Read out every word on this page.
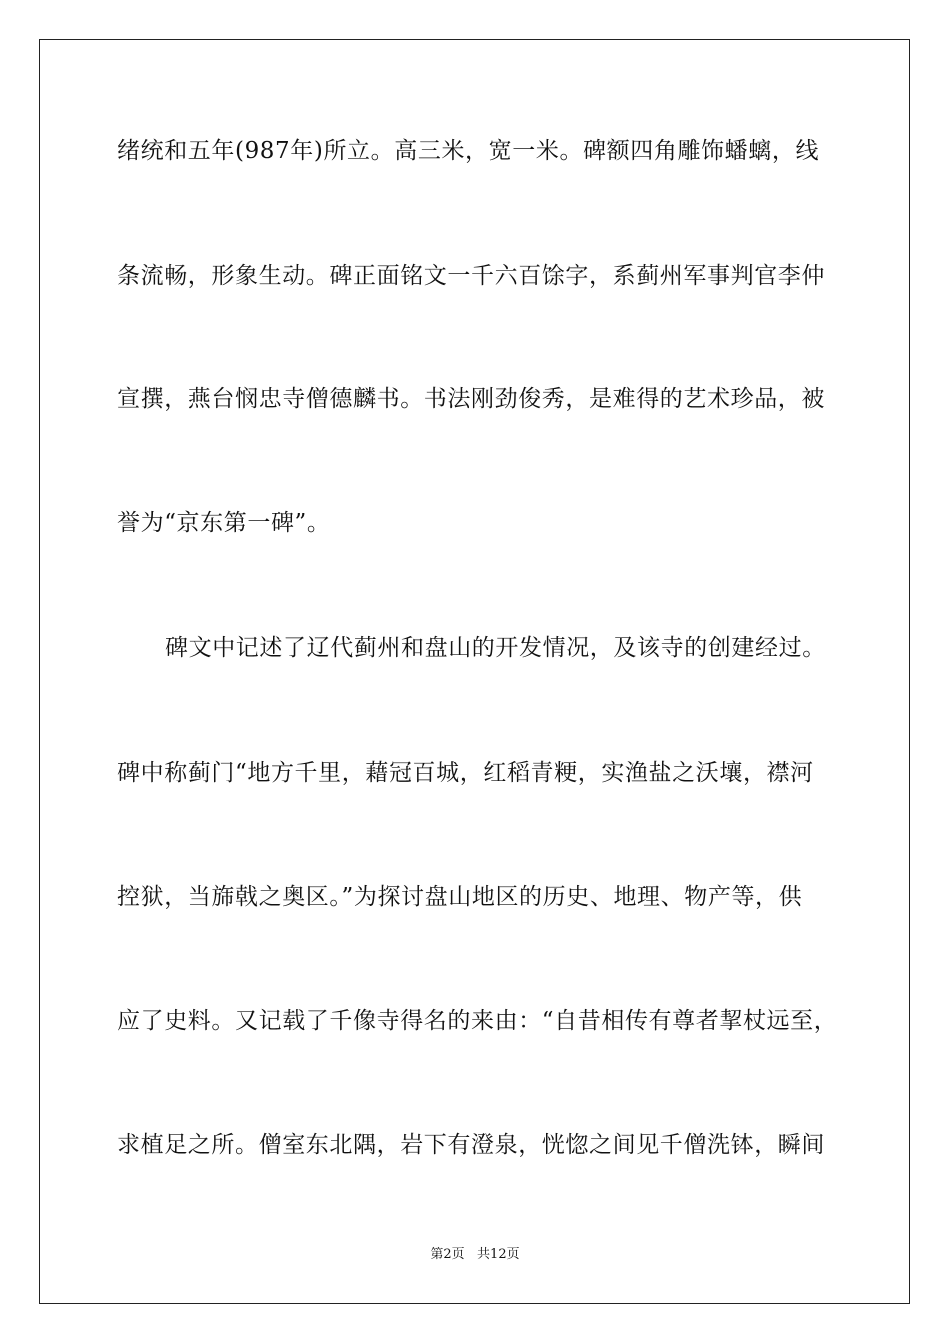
绪统和五年(987年)所立。高三米，宽一米。碑额四角雕饰蟠螭，线
条流畅，形象生动。碑正面铭文一千六百馀字，系蓟州军事判官李仲
宣撰，燕台悯忠寺僧德麟书。书法刚劲俊秀，是难得的艺术珍品，被
誉为“京东第一碑”。
碑文中记述了辽代蓟州和盘山的开发情况，及该寺的创建经过。
碑中称蓟门“地方千里，藉冠百城，红稻青粳，实渔盐之沃壤，襟河
控狱，当旆戟之奥区。”为探讨盘山地区的历史、地理、物产等，供
应了史料。又记载了千像寺得名的来由：“自昔相传有尊者挈杖远至，
求植足之所。僧室东北隅，岩下有澄泉，恍惚之间见千僧洗钵，瞬间
第2页   共12页
